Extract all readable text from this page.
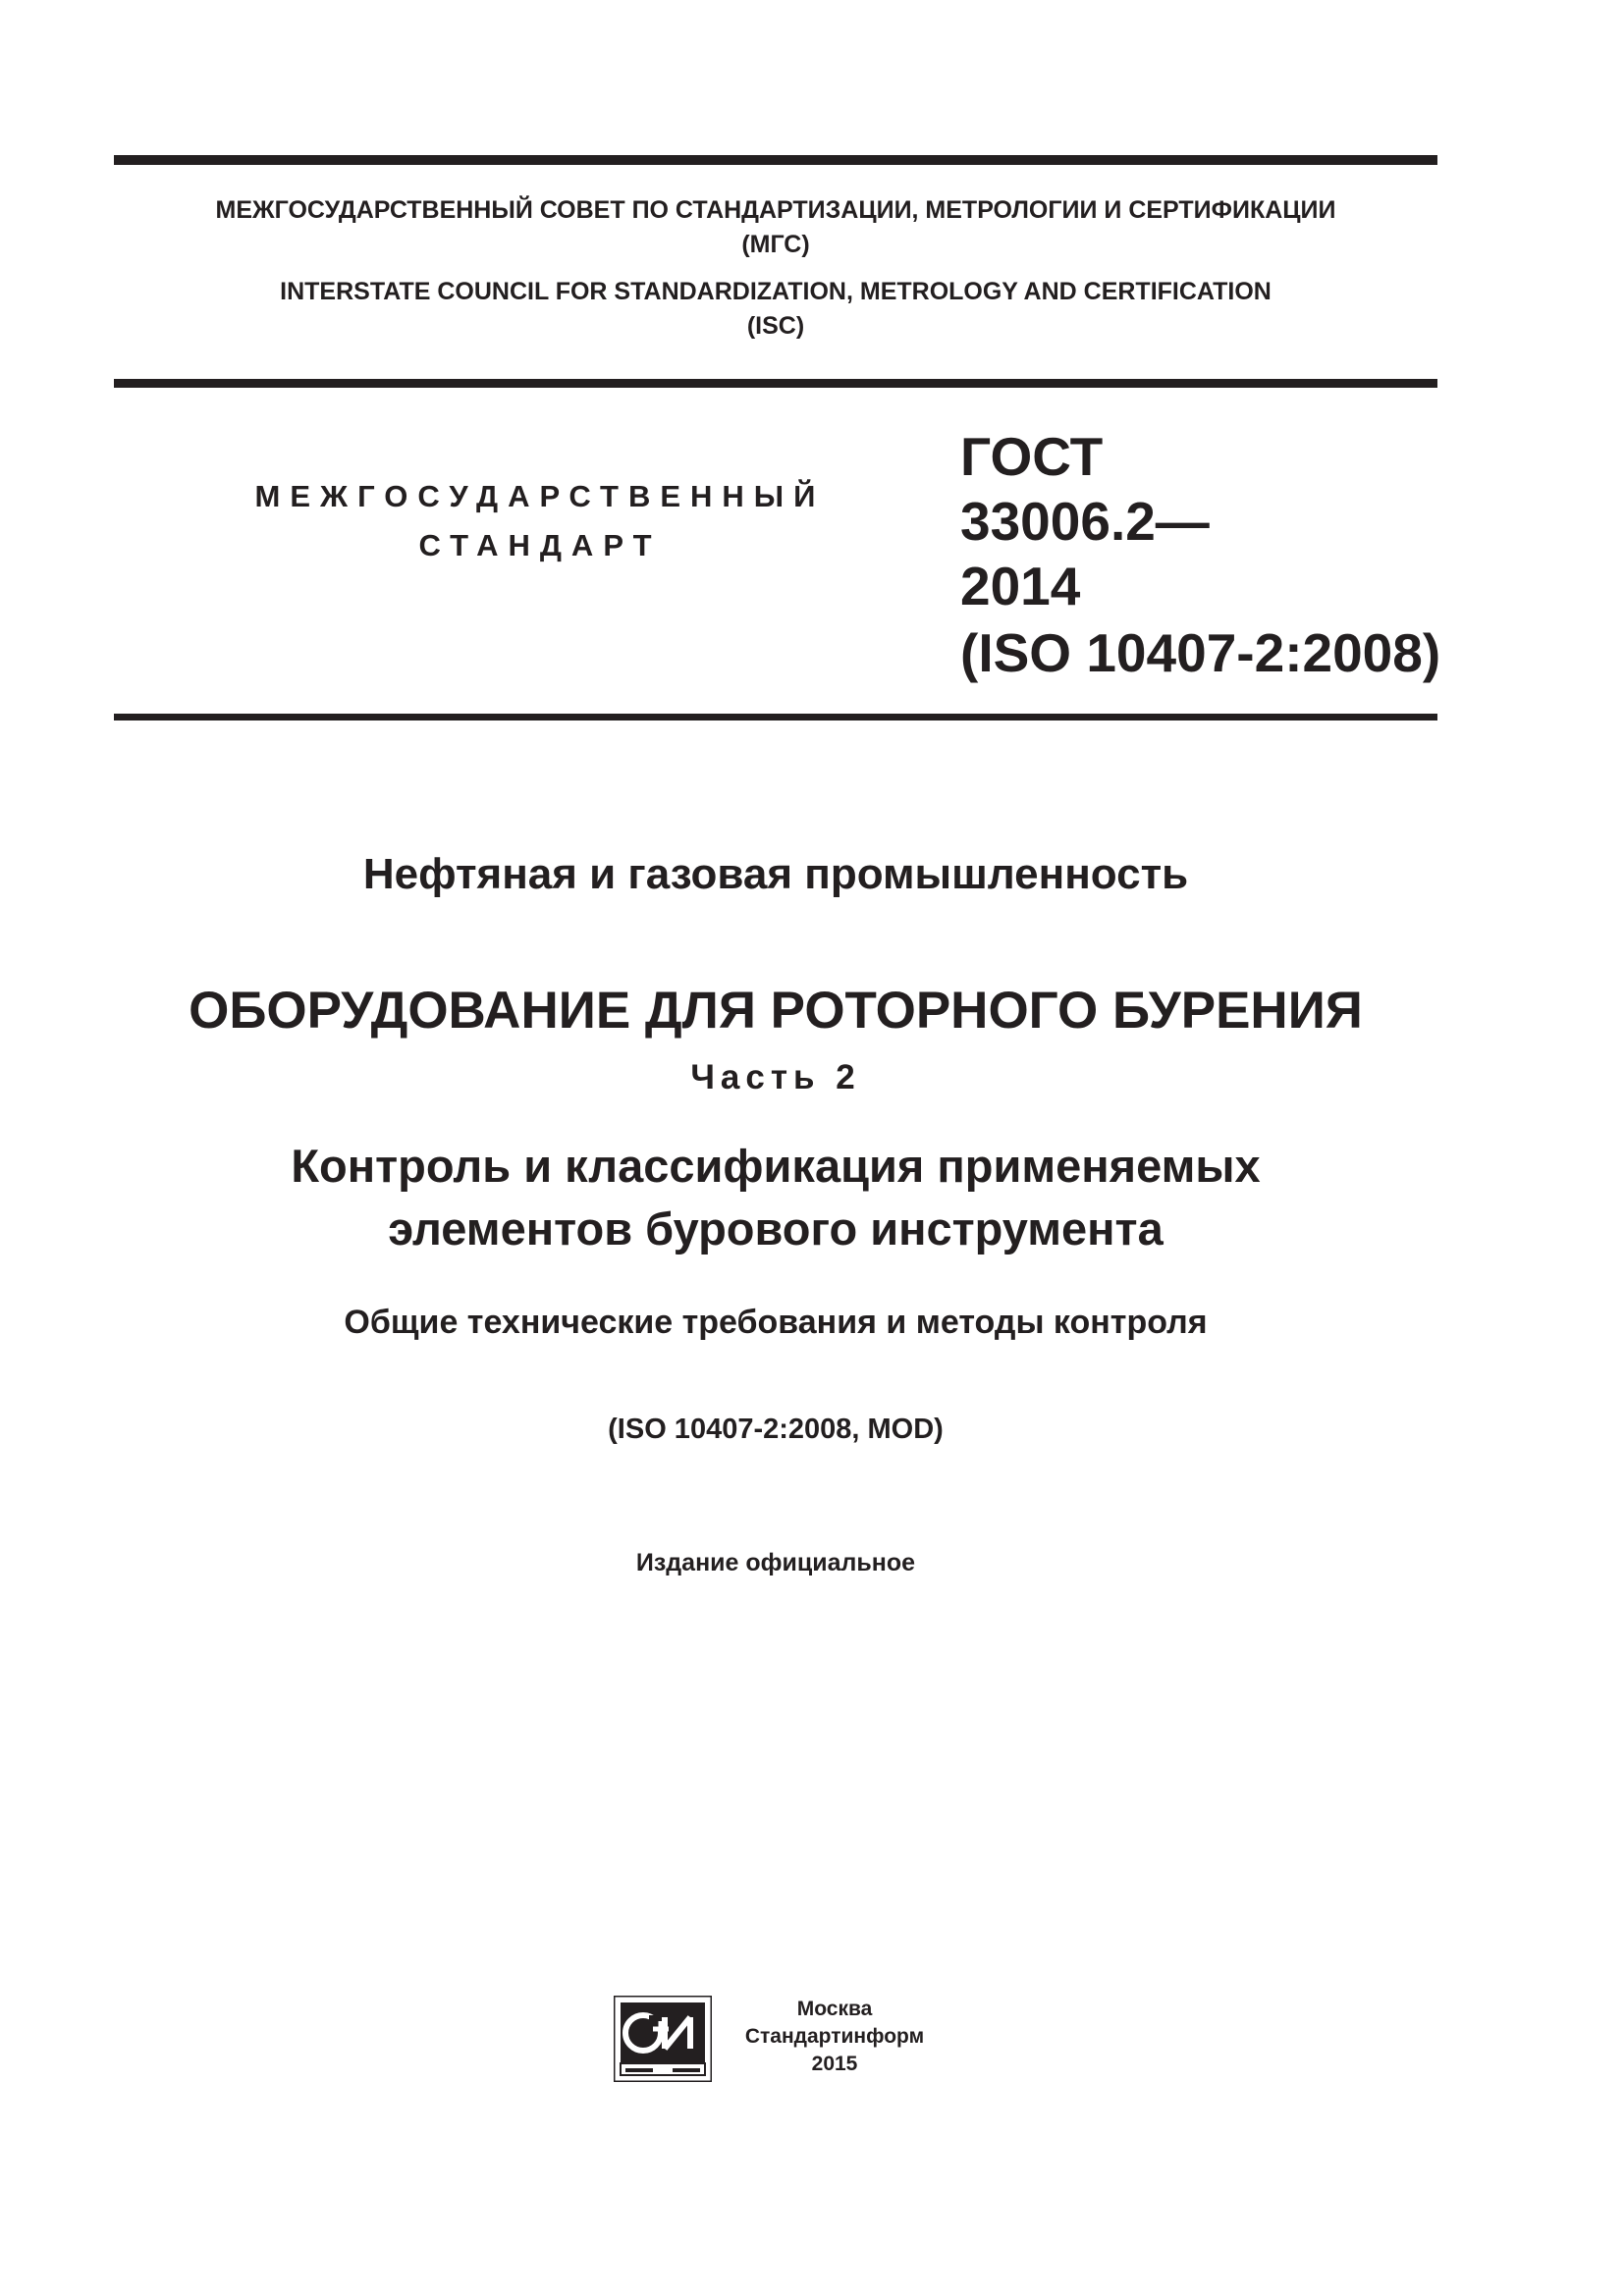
МЕЖГОСУДАРСТВЕННЫЙ СОВЕТ ПО СТАНДАРТИЗАЦИИ, МЕТРОЛОГИИ И СЕРТИФИКАЦИИ
(МГС)
INTERSTATE COUNCIL FOR STANDARDIZATION, METROLOGY AND CERTIFICATION
(ISC)
МЕЖГОСУДАРСТВЕННЫЙ
СТАНДАРТ
ГОСТ
33006.2—
2014
(ISO 10407-2:2008)
Нефтяная и газовая промышленность
ОБОРУДОВАНИЕ ДЛЯ РОТОРНОГО БУРЕНИЯ
Часть 2
Контроль и классификация применяемых
элементов бурового инструмента
Общие технические требования и методы контроля
(ISO 10407-2:2008, MOD)
Издание официальное
Москва
Стандартинформ
2015
